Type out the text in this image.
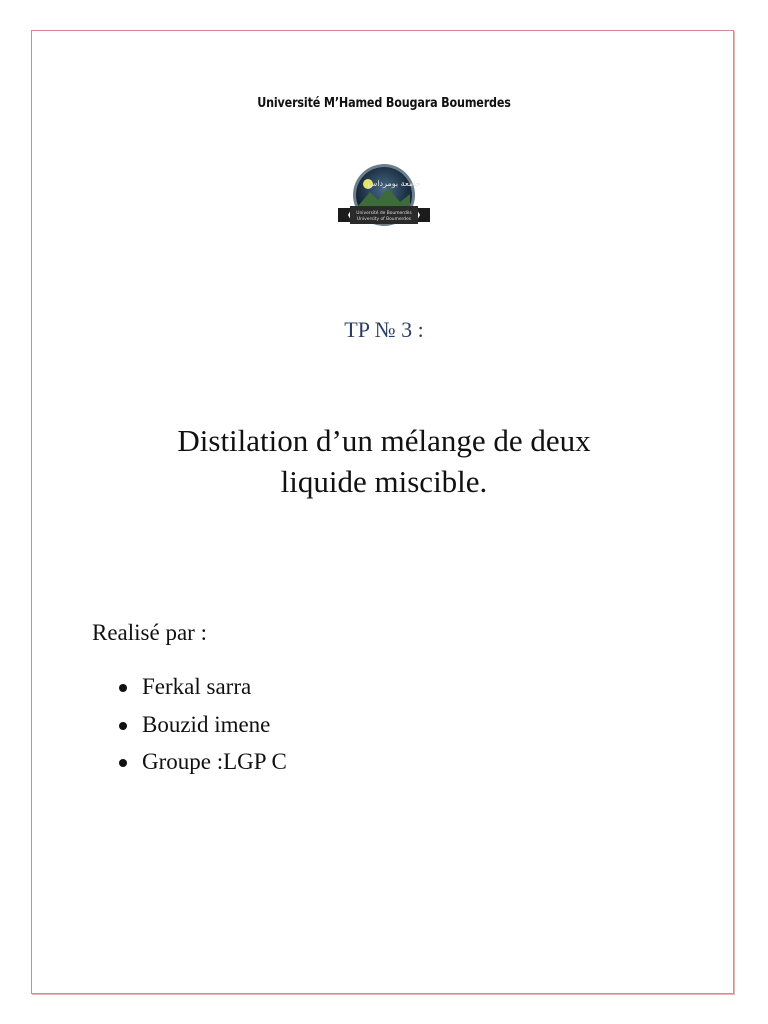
Université M’Hamed Bougara Boumerdes
جامعة بومرداس
Université de Boumerdès
University of Boumerdes
TP № 3 :
Distilation d’un mélange de deux
liquide miscible.
Realisé par :
Ferkal sarra
Bouzid imene
Groupe :LGP C
